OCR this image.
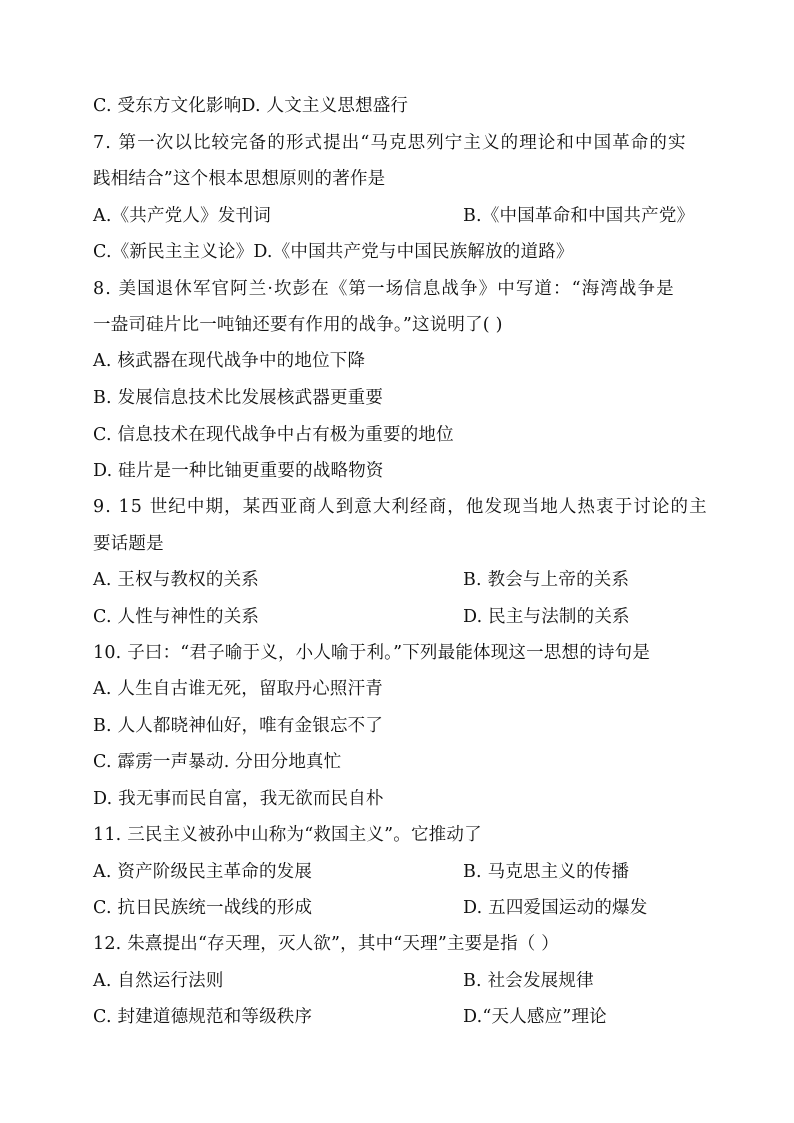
C. 受东方文化影响D. 人文主义思想盛行
7. 第一次以比较完备的形式提出“马克思列宁主义的理论和中国革命的实
践相结合”这个根本思想原则的著作是
A.《共产党人》发刊词	B.《中国革命和中国共产党》
C.《新民主主义论》D.《中国共产党与中国民族解放的道路》
8. 美国退休军官阿兰·坎彭在《第一场信息战争》中写道：“海湾战争是
一盎司硅片比一吨铀还要有作用的战争。”这说明了( )
A. 核武器在现代战争中的地位下降
B. 发展信息技术比发展核武器更重要
C. 信息技术在现代战争中占有极为重要的地位
D. 硅片是一种比铀更重要的战略物资
9. 15 世纪中期，某西亚商人到意大利经商，他发现当地人热衷于讨论的主
要话题是
A. 王权与教权的关系	B. 教会与上帝的关系
C. 人性与神性的关系	D. 民主与法制的关系
10. 子曰：“君子喻于义，小人喻于利。”下列最能体现这一思想的诗句是
A. 人生自古谁无死，留取丹心照汗青
B. 人人都晓神仙好，唯有金银忘不了
C. 霹雳一声暴动. 分田分地真忙
D. 我无事而民自富，我无欲而民自朴
11. 三民主义被孙中山称为“救国主义”。它推动了
A. 资产阶级民主革命的发展	B. 马克思主义的传播
C. 抗日民族统一战线的形成	D. 五四爱国运动的爆发
12. 朱熹提出“存天理，灭人欲”，其中“天理”主要是指（ ）
A. 自然运行法则	B. 社会发展规律
C. 封建道德规范和等级秩序	D.“天人感应”理论
